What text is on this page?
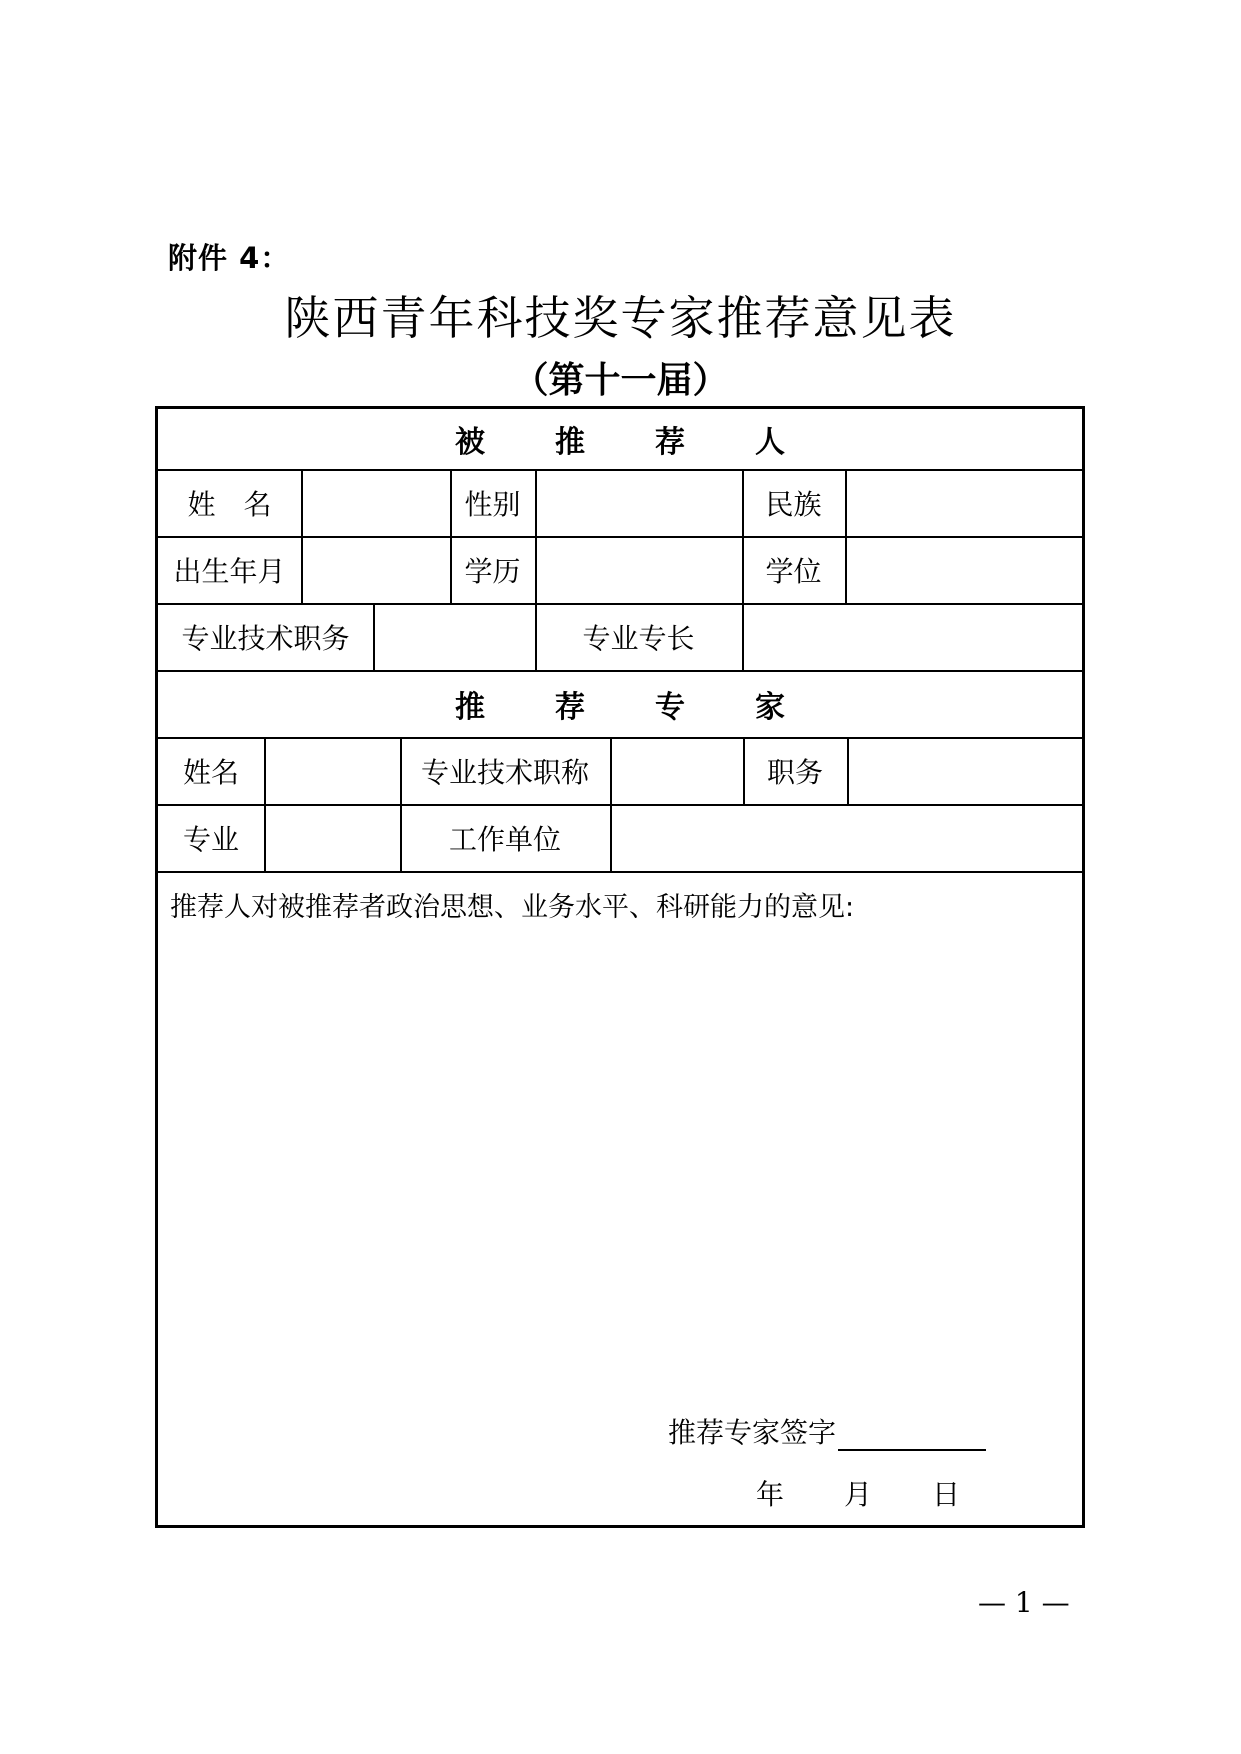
附件 4：
陕西青年科技奖专家推荐意见表
（第十一届）
被推荐人
姓　名	性别	民族
出生年月	学历	学位
专业技术职务	专业专长
推荐专家
姓名	专业技术职称	职务
专业	工作单位
推荐人对被推荐者政治思想、业务水平、科研能力的意见:
推荐专家签字
年 月 日
— 1 —
